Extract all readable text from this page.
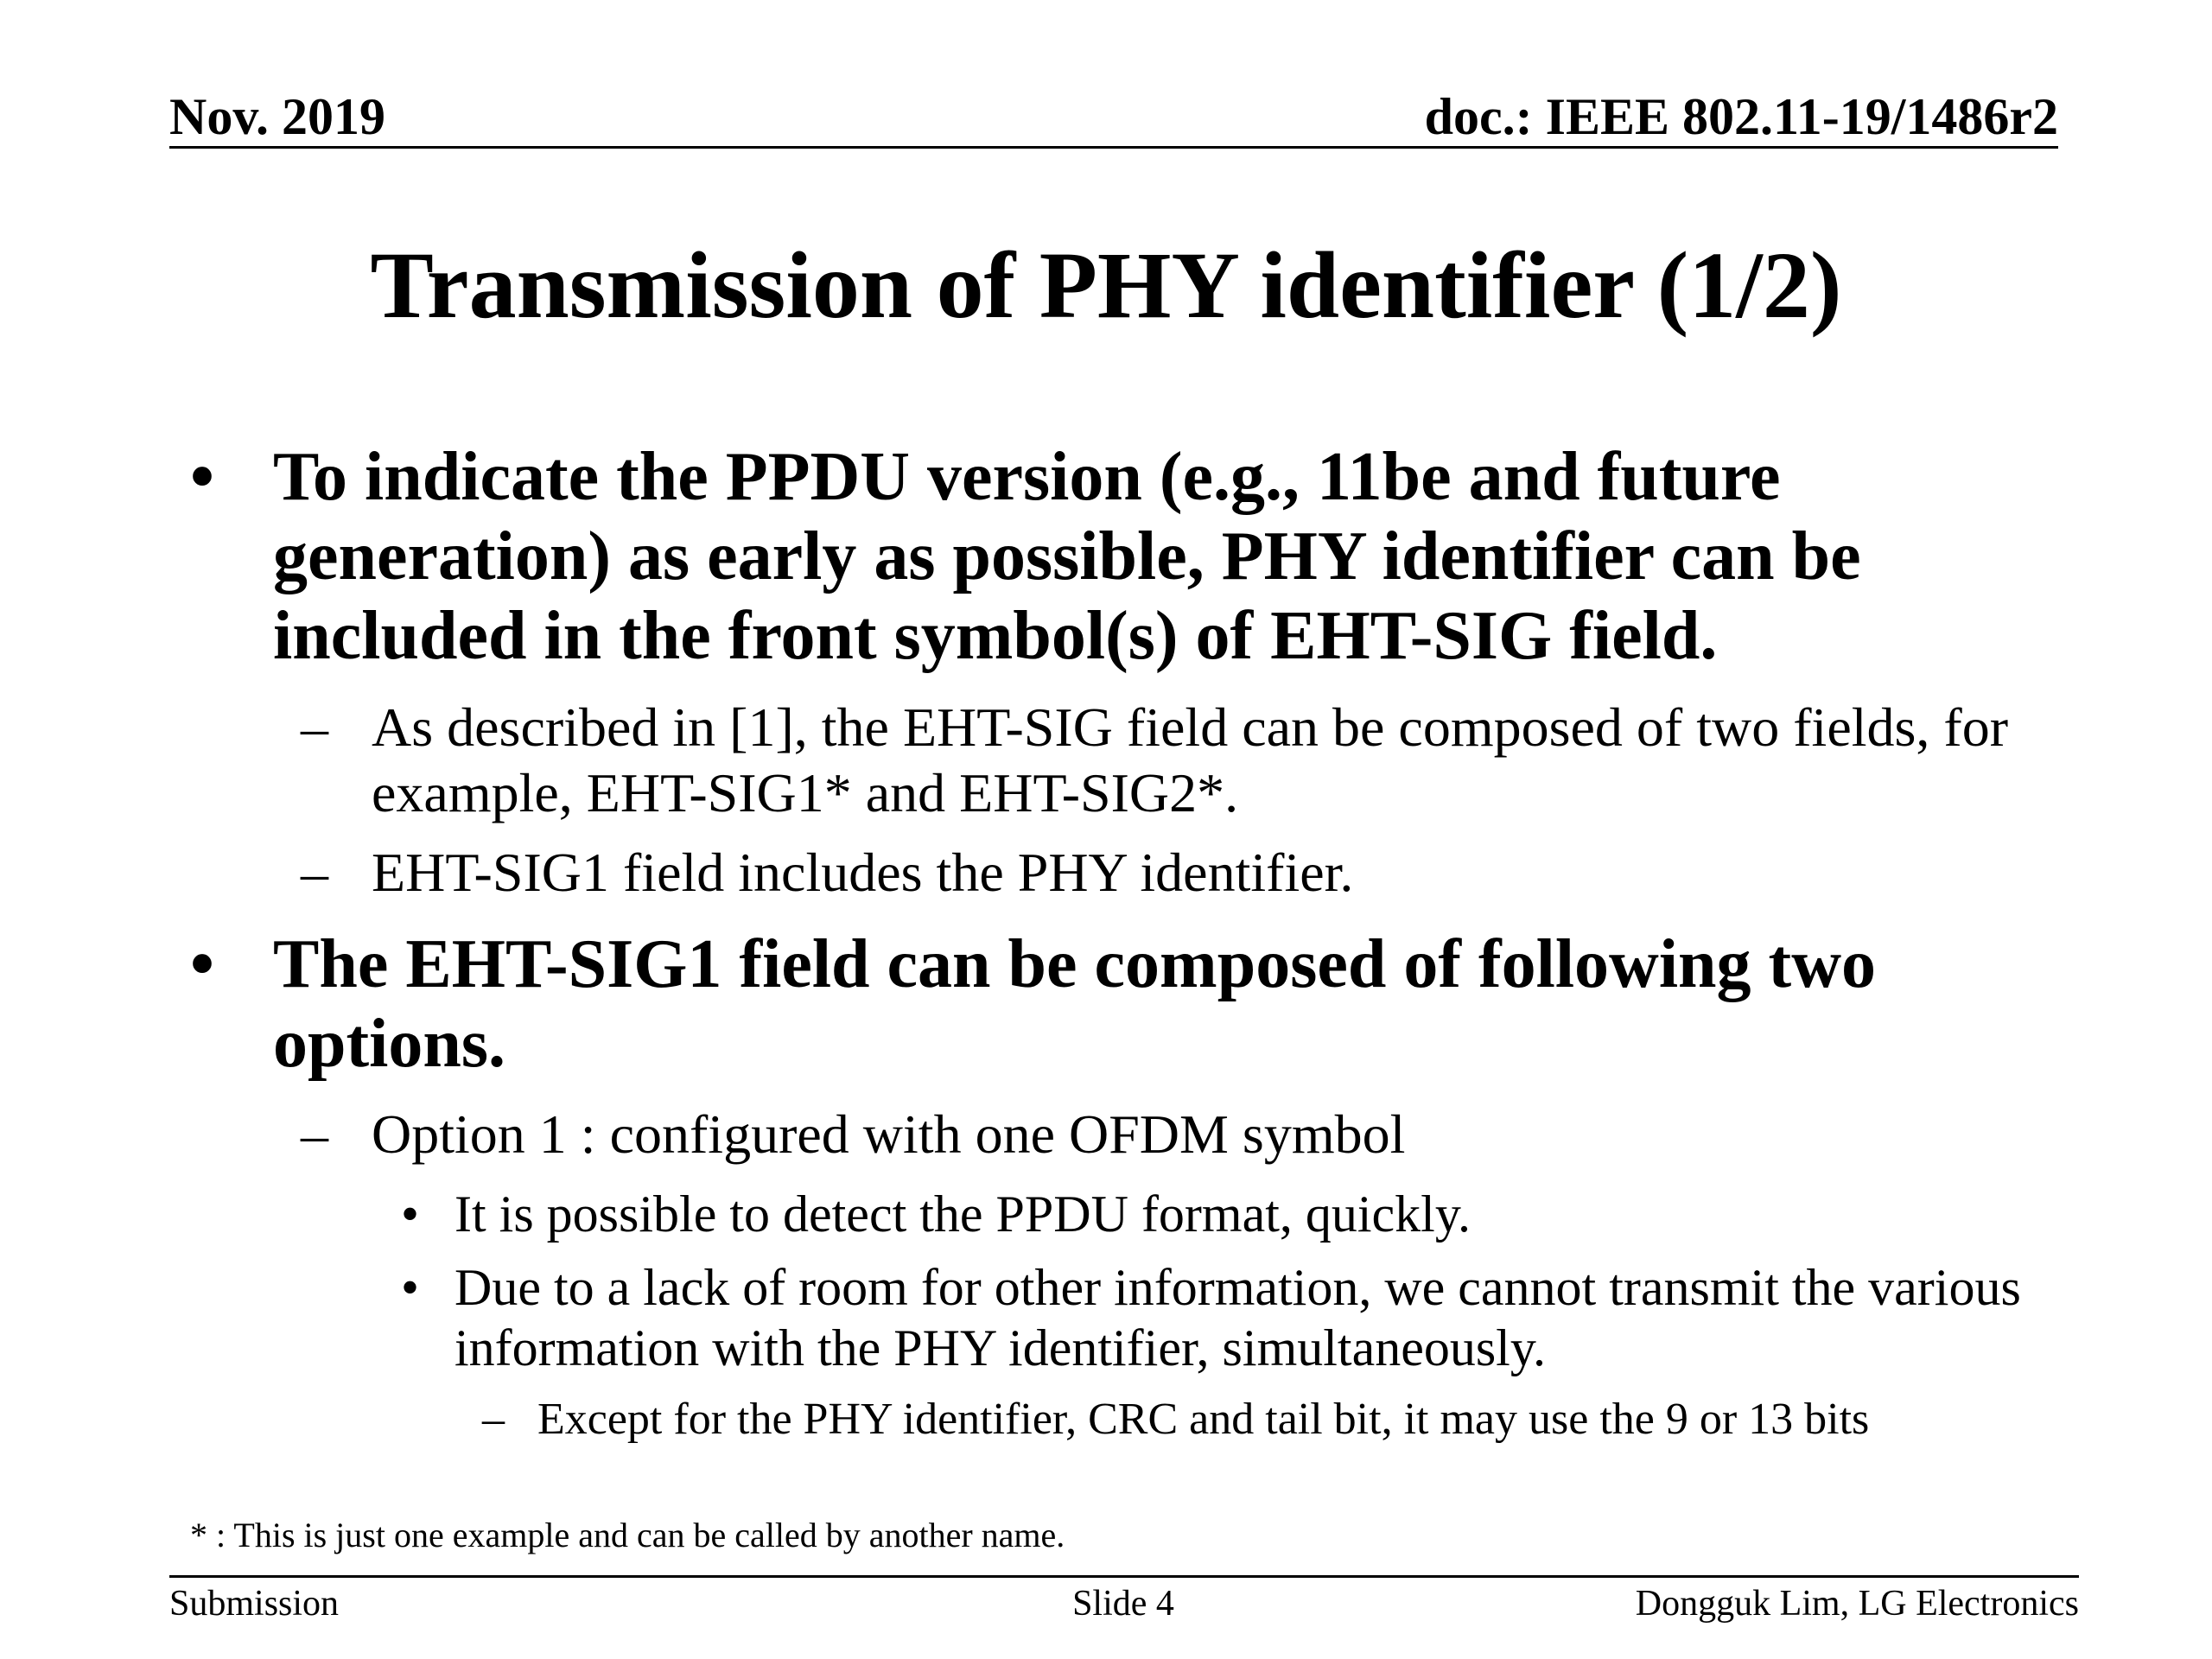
Nov. 2019	doc.: IEEE 802.11-19/1486r2
Transmission of PHY identifier (1/2)
• To indicate the PPDU version (e.g., 11be and future generation) as early as possible, PHY identifier can be included in the front symbol(s) of EHT-SIG field.
– As described in [1], the EHT-SIG field can be composed of two fields, for example, EHT-SIG1* and EHT-SIG2*.
– EHT-SIG1 field includes the PHY identifier.
• The EHT-SIG1 field can be composed of following two options.
– Option 1 : configured with one OFDM symbol
• It is possible to detect the PPDU format, quickly.
• Due to a lack of room for other information, we cannot transmit the various information with the PHY identifier, simultaneously.
– Except for the PHY identifier, CRC and tail bit, it may use the 9 or 13 bits
* : This is just one example and can be called by another name.
Submission	Slide 4	Dongguk Lim, LG Electronics
